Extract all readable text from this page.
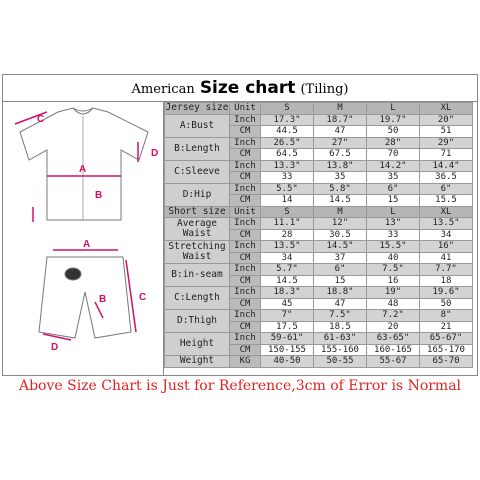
American Size chart (Tiling)
C
A
B
D
A
C
B
D
Jersey size	Unit	S	M	L	XL
A:Bust	Inch	17.3"	18.7"	19.7"	20"
	CM	44.5	47	50	51
B:Length	Inch	26.5"	27"	28"	29"
	CM	64.5	67.5	70	71
C:Sleeve	Inch	13.3"	13.8"	14.2"	14.4"
	CM	33	35	35	36.5
D:Hip	Inch	5.5"	5.8"	6"	6"
	CM	14	14.5	15	15.5
Short size	Unit	S	M	L	XL
Average Waist	Inch	11.1"	12"	13"	13.5"
	CM	28	30.5	33	34
Stretching Waist	Inch	13.5"	14.5"	15.5"	16"
	CM	34	37	40	41
B:in-seam	Inch	5.7"	6"	7.5"	7.7"
	CM	14.5	15	16	18
C:Length	Inch	18.3"	18.8"	19"	19.6"
	CM	45	47	48	50
D:Thigh	Inch	7"	7.5"	7.2"	8"
	CM	17.5	18.5	20	21
Height	Inch	59-61"	61-63"	63-65"	65-67"
	CM	150-155	155-160	160-165	165-170
Weight	KG	40-50	50-55	55-67	65-70
Above Size Chart is Just for Reference,3cm of Error is Normal
